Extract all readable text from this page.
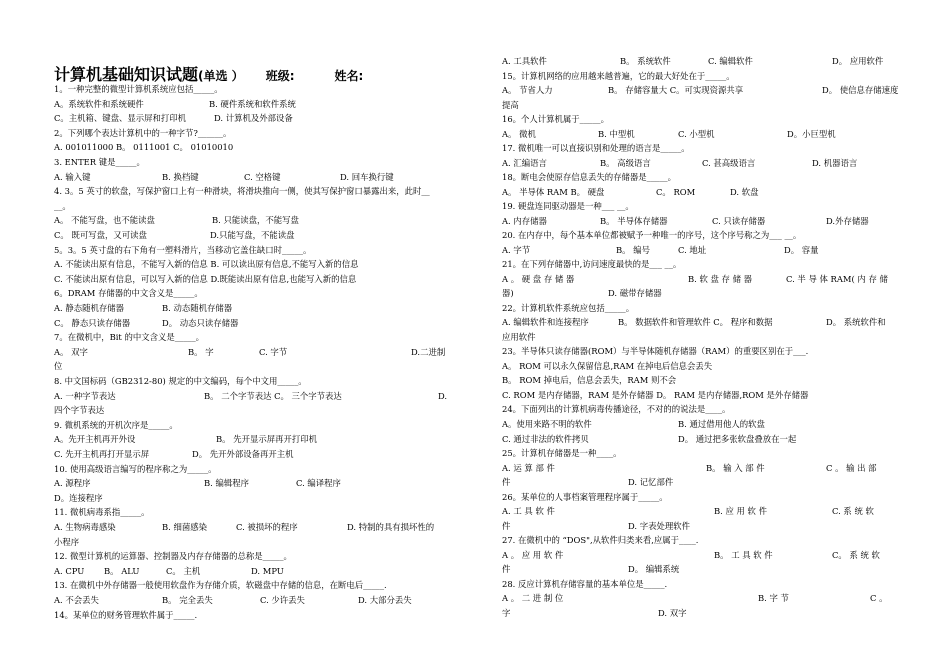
计算机基础知识试题(单选 ） 班级:	姓名:
1。一种完整的微型计算机系统应包括_____。
A。系统软件和系统硬件	B. 硬件系统和软件系统
C。主机箱、键盘、显示屏和打印机	D. 计算机及外部设备
2。下列哪个表达计算机中的一种字节?______。
A. 001011000 B。 0111001 C。 01010010
3. ENTER 键是_____。
A. 输入键	B. 换档键	C. 空格键	D. 回车换行键
4. 3。5 英寸的软盘，写保护窗口上有一种滑块，将滑块推向一侧，使其写保护窗口暴露出来，此时__
__。
A。 不能写盘，也不能读盘	B. 只能读盘，不能写盘
C。 既可写盘，又可读盘	D.只能写盘，不能读盘
5。3。5 英寸盘的右下角有一塑料滑片，当移动它盖住缺口时_____。
A. 不能读出原有信息，不能写入新的信息 B. 可以读出原有信息,不能写入新的信息
C. 不能读出原有信息，可以写入新的信息 D.既能读出原有信息,也能写入新的信息
6。DRAM 存储器的中文含义是_____。
A. 静态随机存储器	B. 动态随机存储器
C。 静态只读存储器	D。 动态只读存储器
7。在微机中，Bit 的中文含义是_____。
A。 双字	B。 字	C. 字节	D.二进制
位
8. 中文国标码（GB2312-80) 规定的中文编码，每个中文用_____。
A. 一种字节表达	B。 二个字节表达 C。 三个字节表达	D.
四个字节表达
9. 微机系统的开机次序是_____。
A。先开主机再开外设	B。 先开显示屏再开打印机
C. 先开主机再打开显示屏	D。 先开外部设备再开主机
10. 使用高级语言编写的程序称之为_____。
A. 源程序	B. 编辑程序	C. 编译程序
D。连接程序
11. 微机病毒系指_____。
A. 生物病毒感染	B. 细菌感染	C. 被损坏的程序	D. 特制的具有损坏性的
小程序
12. 微型计算机的运算器、控制器及内存存储器的总称是_____。
A. CPU B。 ALU	C。 主机	D. MPU
13. 在微机中外存储器一般使用软盘作为存储介质，软磁盘中存储的信息，在断电后_____.
A. 不会丢失	B。 完全丢失	C. 少许丢失	D. 大部分丢失
14。某单位的财务管理软件属于_____.
A. 工具软件	B。 系统软件	C. 编辑软件	D。 应用软件
15。计算机网络的应用越来越普遍，它的最大好处在于_____。
A。 节省人力	B。 存储容量大 C。可实现资源共享	D。 使信息存储速度
提高
16。个人计算机属于_____。
A。 微机	B. 中型机	C. 小型机	D。小巨型机
17. 微机唯一可以直接识别和处理的语言是_____。
A. 汇编语言	B。 高级语言	C. 甚高级语言	D. 机器语言
18。断电会使原存信息丢失的存储器是_____。
A。 半导体 RAM B。 硬盘	C。 ROM	D. 软盘
19. 硬盘连同驱动器是一种___ __。
A. 内存储器	B。 半导体存储器	C. 只读存储器	D.外存储器
20. 在内存中，每个基本单位都被赋予一种唯一的序号，这个序号称之为___ __。
A. 字节	B。 编号	C. 地址	D。 容量
21。在下列存储器中,访问速度最快的是___ __。
A 。 硬 盘 存 储 器	B. 软 盘 存 储 器	C. 半 导 体 RAM( 内 存 储
器)	D. 磁带存储器
22。计算机软件系统应包括_____。
A. 编辑软件和连接程序	B。 数据软件和管理软件 C。 程序和数据	D。 系统软件和
应用软件
23。半导体只读存储器(ROM）与半导体随机存储器（RAM）的重要区别在于___.
A。 ROM 可以永久保留信息,RAM 在掉电后信息会丢失
B。 ROM 掉电后，信息会丢失，RAM 则不会
C. ROM 是内存储器，RAM 是外存储器 D。 RAM 是内存储器,ROM 是外存储器
24。下面列出的计算机病毒传播途径，不对的的说法是____。
A。使用来路不明的软件	B. 通过借用他人的软盘
C. 通过非法的软件拷贝	D。 通过把多张软盘叠放在一起
25。计算机存储器是一种____。
A. 运 算 部 件	B。 输 入 部 件	C 。 输 出 部
件	D. 记忆部件
26。某单位的人事档案管理程序属于_____。
A. 工 具 软 件	B. 应 用 软 件	C. 系 统 软
件	D. 字表处理软件
27. 在微机中的 “DOS",从软件归类来看,应属于____.
A 。 应 用 软 件	B。 工 具 软 件	C。 系 统 软
件	D。 编辑系统
28. 反应计算机存储容量的基本单位是_____.
A 。 二 进 制 位	B. 字 节	C 。
字	D. 双字
